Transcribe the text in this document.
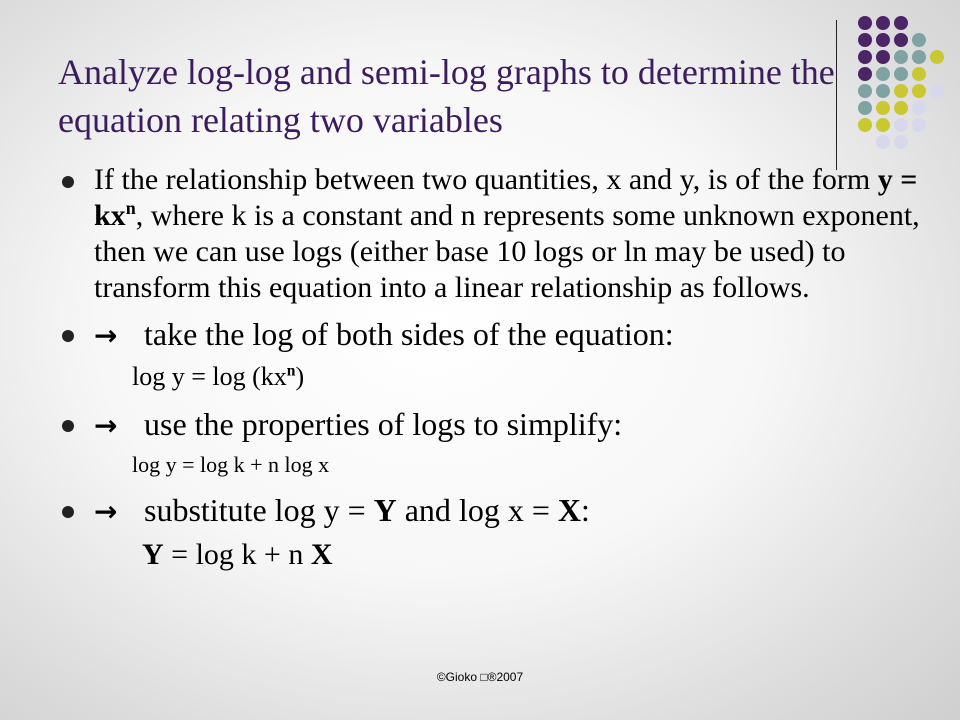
Analyze log-log and semi-log graphs to determine the equation relating two variables
If the relationship between two quantities, x and y, is of the form $y = kx^n$, where k is a constant and n represents some unknown exponent, then we can use logs (either base 10 logs or ln may be used) to transform this equation into a linear relationship as follows.
→ take the log of both sides of the equation:
$\log y = \log (kx^n)$
→ use the properties of logs to simplify:
log y = log k + n log x
→ substitute log y = Y and log x = X:
Y = log k + n X
©Gioko □®2007
